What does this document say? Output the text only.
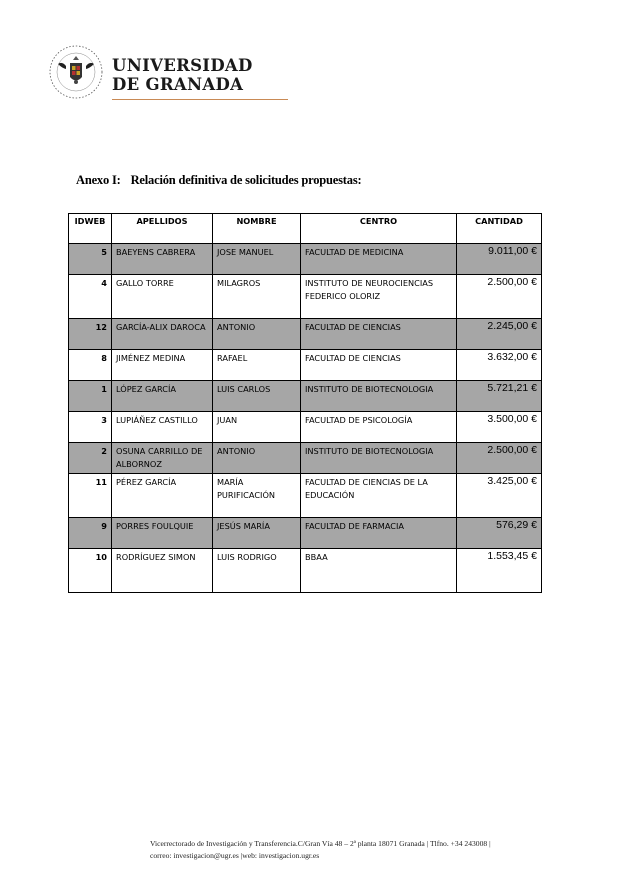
UNIVERSIDAD
DE GRANADA
Anexo I: Relación definitiva de solicitudes propuestas:
IDWEB	APELLIDOS	NOMBRE	CENTRO	CANTIDAD
5	BAEYENS CABRERA	JOSE MANUEL	FACULTAD DE MEDICINA	9.011,00 €
4	GALLO TORRE	MILAGROS	INSTITUTO DE NEUROCIENCIAS FEDERICO OLORIZ	2.500,00 €
12	GARCÍA-ALIX DAROCA	ANTONIO	FACULTAD DE CIENCIAS	2.245,00 €
8	JIMÉNEZ MEDINA	RAFAEL	FACULTAD DE CIENCIAS	3.632,00 €
1	LÓPEZ GARCÍA	LUIS CARLOS	INSTITUTO DE BIOTECNOLOGIA	5.721,21 €
3	LUPIÁÑEZ CASTILLO	JUAN	FACULTAD DE PSICOLOGÍA	3.500,00 €
2	OSUNA CARRILLO DE ALBORNOZ	ANTONIO	INSTITUTO DE BIOTECNOLOGIA	2.500,00 €
11	PÉREZ GARCÍA	MARÍA PURIFICACIÓN	FACULTAD DE CIENCIAS DE LA EDUCACIÓN	3.425,00 €
9	PORRES FOULQUIE	JESÚS MARÍA	FACULTAD DE FARMACIA	576,29 €
10	RODRÍGUEZ SIMON	LUIS RODRIGO	BBAA	1.553,45 €
Vicerrectorado de Investigación y Transferencia.C/Gran Vía 48 – 2ª planta 18071 Granada | Tlfno. +34 243008 |
correo: investigacion@ugr.es |web: investigacion.ugr.es
